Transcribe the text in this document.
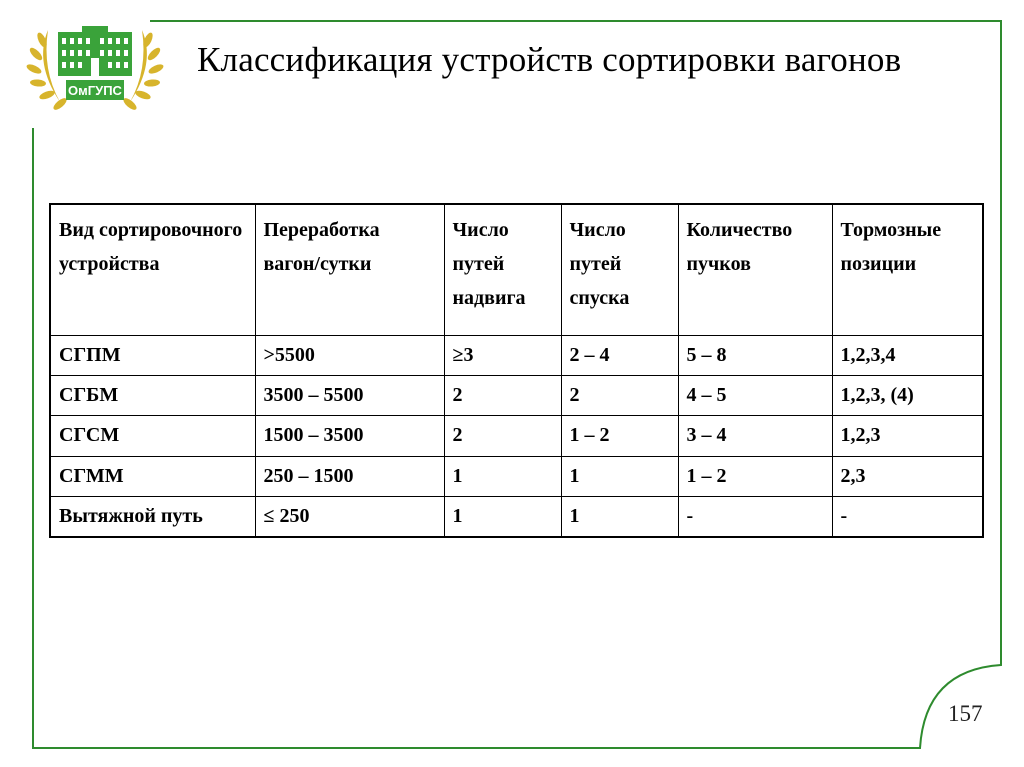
ОмГУПС
Классификация устройств сортировки вагонов
Вид сортировочного устройства	Переработка вагон/сутки	Число путей надвига	Число путей спуска	Количество пучков	Тормозные позиции
СГПМ	>5500	≥3	2 – 4	5 – 8	1,2,3,4
СГБМ	3500 – 5500	2	2	4 – 5	1,2,3, (4)
СГСМ	1500 – 3500	2	1 – 2	3 – 4	1,2,3
СГММ	250 – 1500	1	1	1 – 2	2,3
Вытяжной путь	≤ 250	1	1	-	-
157
